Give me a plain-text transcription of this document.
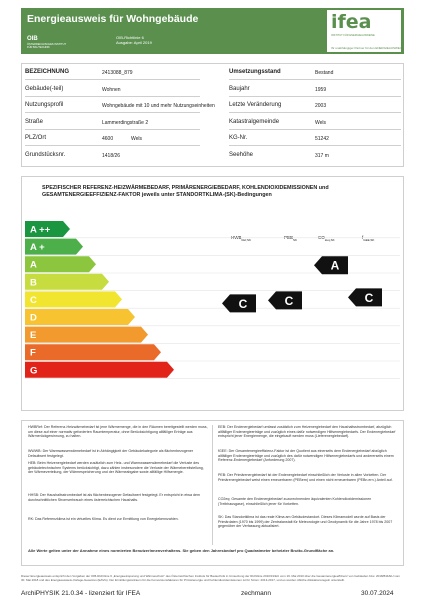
Energieausweis für Wohngebäude
OIB
ÖSTERREICHISCHES INSTITUT FÜR BAUTECHNIK
OIB-Richtlinie 6
Ausgabe: April 2019
ifea
INSTITUT FÜR ENERGIEAUSWEISE
Ihr unabhängiger Partner für den ENERGIEAUSWEIS
BEZEICHNUNG	2413088_879
Gebäude(-teil)	Wohnen
Nutzungsprofil	Wohngebäude mit 10 und mehr Nutzungseinheiten
Straße	Lammerdingstraße 2
PLZ/Ort	4600	Wels
Grundstücksnr.	1418/26
Umsetzungsstand	Bestand
Baujahr	1959
Letzte Veränderung	2003
Katastralgemeinde	Wels
KG-Nr.	51242
Seehöhe	317 m
SPEZIFISCHER REFERENZ-HEIZWÄRMEBEDARF, PRIMÄRENERGIEBEDARF, KOHLENDIOXIDEMISSIONEN und GESAMTENERGIEEFFIZIENZ-FAKTOR jeweils unter STANDORTKLIMA-(SK)-Bedingungen
$HWB_{Ref,SK}$	$PEB_{SK}$	$CO_{2eq,SK}$	$_{GEE,SK}$
A ++
A +
A
B
C
D
E
F
G
C	C
A
C
Alle Werte gelten unter der Annahme eines normierten BenutzerInnenverhaltens. Sie geben den Jahresbedarf pro Quadratmeter beheizter Brutto-Grundfläche an.
HWBRef: Der Referenz-Heizwärmebedarf ist jene Wärmemenge, die in den Räumen bereitgestellt werden muss, um diese auf einer normativ geforderten Raumtemperatur, ohne Berücksichtigung allfälliger Erträge aus Wärmerückgewinnung, zu halten.
WWWB: Der Warmwasserwärmebedarf ist in Abhängigkeit der Gebäudekategorie als flächenbezogener Defaultwert festgelegt.
HEB: Beim Heizenergiebedarf werden zusätzlich zum Heiz- und Warmwasserwärmebedarf die Verluste des gebäudetechnischen Systems berücksichtigt, dazu zählen insbesondere die Verluste der Wärmebereitstellung, der Wärmeverteilung, der Wärmespeicherung und der Wärmeabgabe sowie allfällige Hilfsenergie.
HHSB: Der Haushaltsstrombedarf ist als flächenbezogener Defaultwert festgelegt. Er entspricht in etwa dem durchschnittlichen Stromverbrauch eines österreichischen Haushalts.
RK: Das Referenzklima ist ein virtuelles Klima. Es dient zur Ermittlung von Energiekennzahlen.
EEB: Der Endenergiebedarf umfasst zusätzlich zum Heizenergiebedarf den Haushaltsstrombedarf, abzüglich allfälliger Endenergieerträge und zuzüglich eines dafür notwendigen Hilfsenergiebedarfs. Der Endenergiebedarf entspricht jener Energiemenge, die eingekauft werden muss (Lieferenergiebedarf).
fGEE: Der Gesamtenergieeffizienz-Faktor ist der Quotient aus einerseits dem Endenergiebedarf abzüglich allfälliger Endenergieerträge und zuzüglich des dafür notwendigen Hilfsenergiebedarfs und andererseits einem Referenz-Endenergiebedarf (Anforderung 2007).
PEB: Der Primärenergiebedarf ist der Endenergiebedarf einschließlich der Verluste in allen Vorketten. Der Primärenergiebedarf weist einen erneuerbaren (PEBern) und einen nicht erneuerbaren (PEBn.ern.) Anteil auf.
CO2eq: Gesamte den Endenergiebedarf zuzurechnenden äquivalenten Kohlendioxidemissionen (Treibhausgase), einschließlich jener für Vorketten.
SK: Das Standortklima ist das reale Klima am Gebäudestandort. Dieses Klimamodell wurde auf Basis der Primärdaten (1970 bis 1999) der Zentralanstalt für Meteorologie und Geodynamik für die Jahre 1978 bis 2007 gegenüber der Verfassung aktualisiert.
Dieser Energieausweis entspricht den Vorgaben der OIB-Richtlinie 6 „Energieeinsparung und Wärmeschutz“ des Österreichischen Instituts für Bautechnik in Umsetzung der Richtlinie 2010/31/EU vom 19. Mai 2010 über die Gesamtenergieeffizienz von Gebäuden bzw. 2018/844/EU vom 30. Mai 2018 und des Energieausweis-Vorlage-Gesetzes (EAVG). Der Ermittlungszeitraum für die Konversionsfaktoren für Primärenergie und Kohlendioxidemissionen ist für Strom: 2013-2017, und es wurden übliche Allokationsregeln unterstellt.
ArchiPHYSIK 21.0.34 - lizenziert für IFEA	zechmann	30.07.2024
